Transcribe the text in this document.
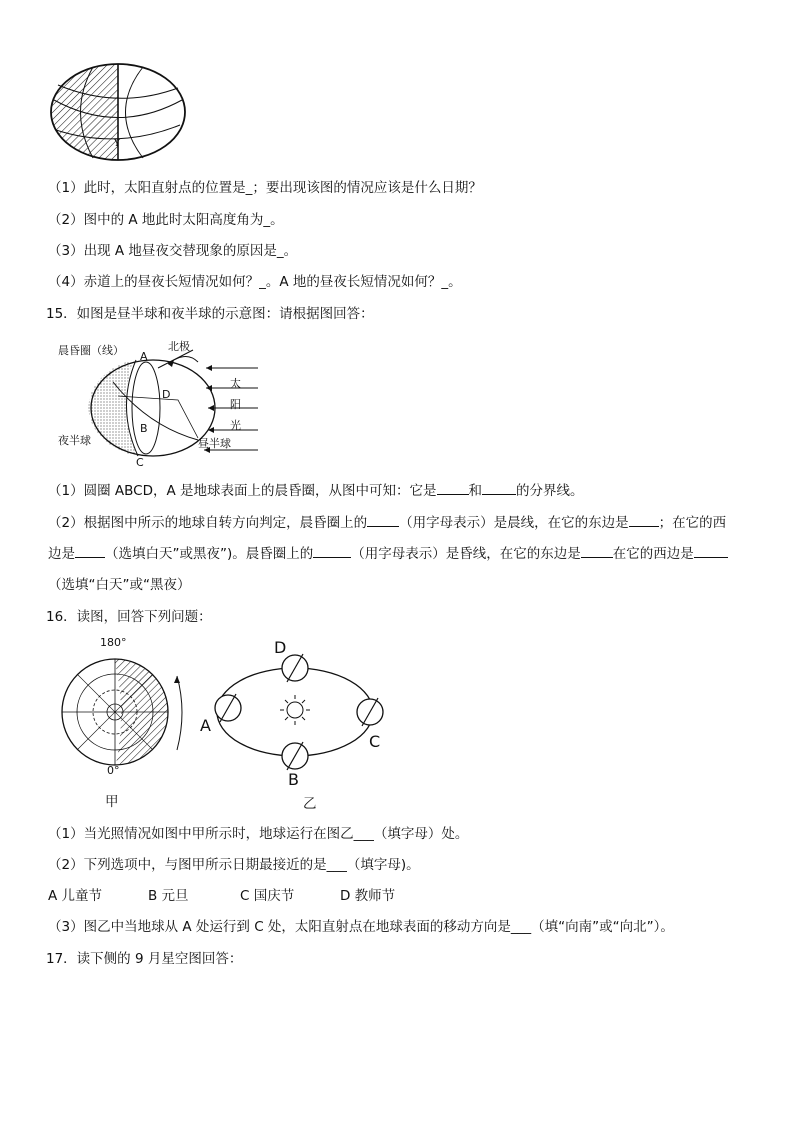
Y
（1）此时，太阳直射点的位置是_；要出现该图的情况应该是什么日期？
（2）图中的 A 地此时太阳高度角为_。
（3）出现 A 地昼夜交替现象的原因是_。
（4）赤道上的昼夜长短情况如何？_。A 地的昼夜长短情况如何？_。
15．如图是昼半球和夜半球的示意图：请根据图回答：
晨昏圈（线）	北极
太
阳
光
夜半球	昼半球
A
B
C
D
（1）圆圈 ABCD，A 是地球表面上的晨昏圈，从图中可知：它是 和	的分界线。
（2）根据图中所示的地球自转方向判定，晨昏圈上的 （用字母表示）是晨线，在它的东边是 ；在它的西
边是 （选填白天”或黑夜”)。晨昏圈上的	（用字母表示）是昏线，在它的东边是 在它的西边是
（选填“白天”或“黑夜）
16．读图，回答下列问题：
180°
0°
甲
D
A
C
B
乙
（1）当光照情况如图中甲所示时，地球运行在图乙___（填字母）处。
（2）下列选项中，与图甲所示日期最接近的是___（填字母)。
A 儿童节	B 元旦	C 国庆节	D 教师节
（3）图乙中当地球从 A 处运行到 C 处，太阳直射点在地球表面的移动方向是___（填“向南”或“向北”）。
17．读下侧的 9 月星空图回答：
